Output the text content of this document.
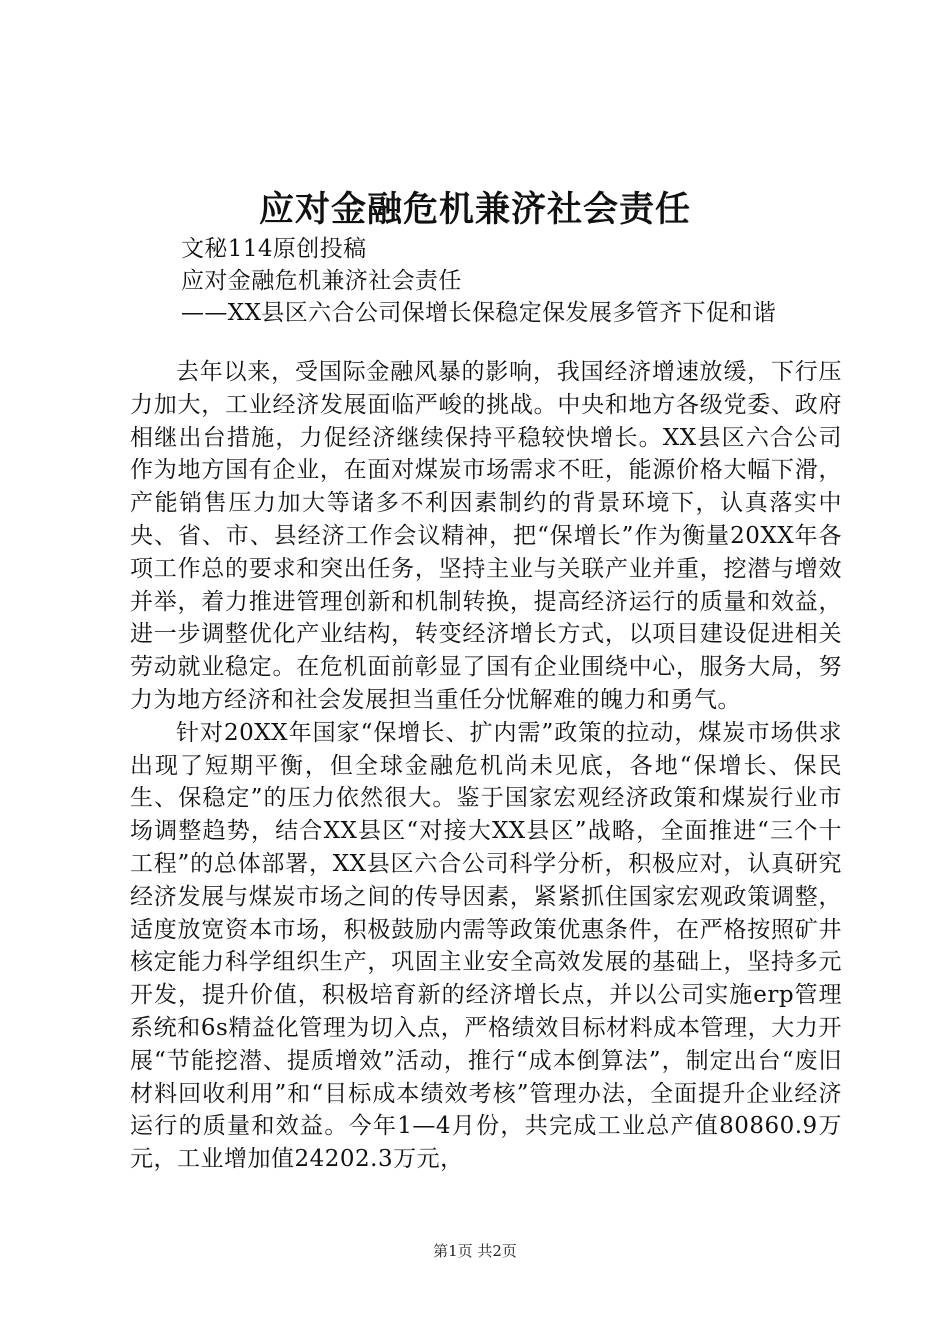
应对金融危机兼济社会责任
文秘114原创投稿
应对金融危机兼济社会责任
——XX县区六合公司保增长保稳定保发展多管齐下促和谐

去年以来，受国际金融风暴的影响，我国经济增速放缓，下行压力加大，工业经济发展面临严峻的挑战。中央和地方各级党委、政府相继出台措施，力促经济继续保持平稳较快增长。XX县区六合公司作为地方国有企业，在面对煤炭市场需求不旺，能源价格大幅下滑，产能销售压力加大等诸多不利因素制约的背景环境下，认真落实中央、省、市、县经济工作会议精神，把“保增长”作为衡量20XX年各项工作总的要求和突出任务，坚持主业与关联产业并重，挖潜与增效并举，着力推进管理创新和机制转换，提高经济运行的质量和效益，进一步调整优化产业结构，转变经济增长方式，以项目建设促进相关劳动就业稳定。在危机面前彰显了国有企业围绕中心，服务大局，努力为地方经济和社会发展担当重任分忧解难的魄力和勇气。

针对20XX年国家“保增长、扩内需”政策的拉动，煤炭市场供求出现了短期平衡，但全球金融危机尚未见底，各地“保增长、保民生、保稳定”的压力依然很大。鉴于国家宏观经济政策和煤炭行业市场调整趋势，结合XX县区“对接大XX县区”战略，全面推进“三个十工程”的总体部署，XX县区六合公司科学分析，积极应对，认真研究经济发展与煤炭市场之间的传导因素，紧紧抓住国家宏观政策调整，适度放宽资本市场，积极鼓励内需等政策优惠条件，在严格按照矿井核定能力科学组织生产，巩固主业安全高效发展的基础上，坚持多元开发，提升价值，积极培育新的经济增长点，并以公司实施erp管理系统和6s精益化管理为切入点，严格绩效目标材料成本管理，大力开展“节能挖潜、提质增效”活动，推行“成本倒算法”，制定出台“废旧材料回收利用”和“目标成本绩效考核”管理办法，全面提升企业经济运行的质量和效益。今年1—4月份，共完成工业总产值80860.9万元，工业增加值24202.3万元，

第1页 共2页
